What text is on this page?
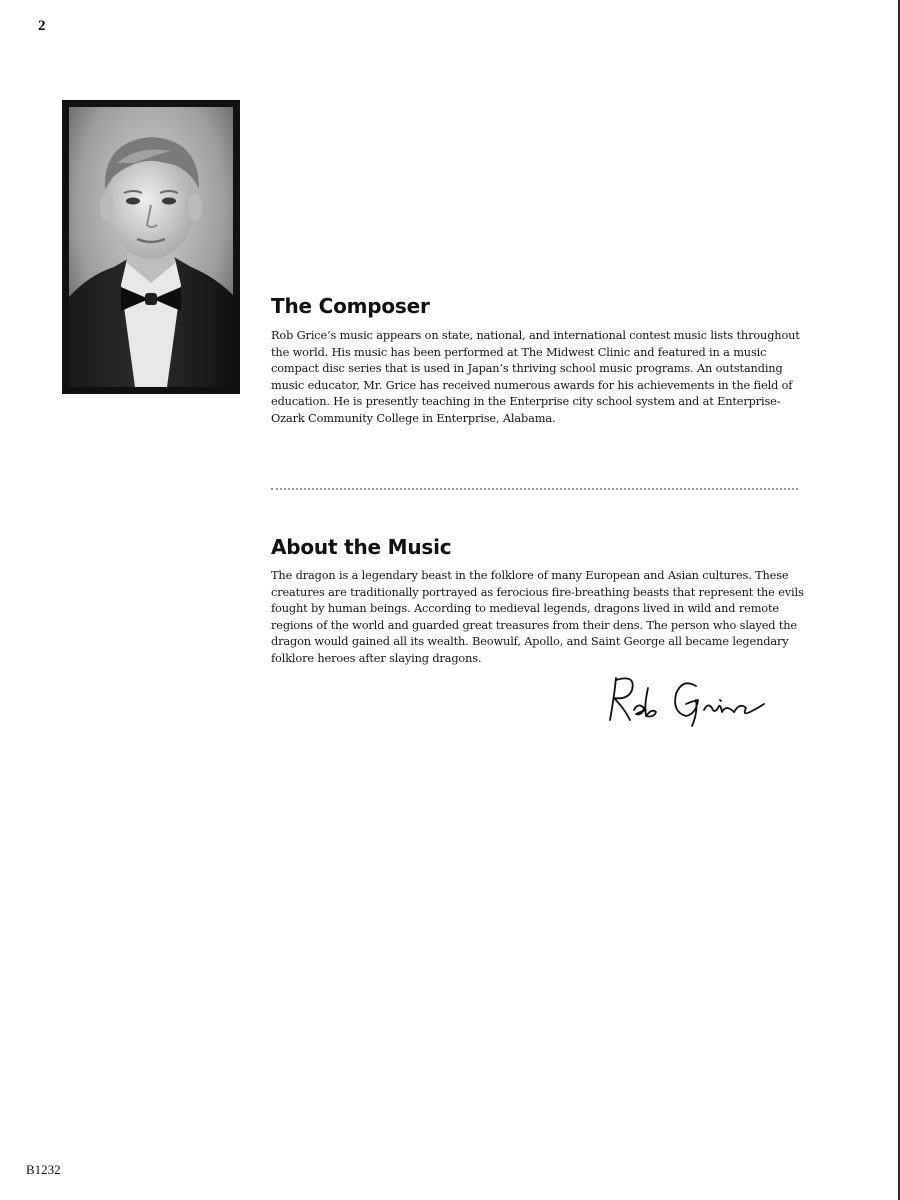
2
The Composer

Rob Grice’s music appears on state, national, and international contest music lists throughout the world. His music has been performed at The Midwest Clinic and featured in a music compact disc series that is used in Japan’s thriving school music programs. An outstanding music educator, Mr. Grice has received numerous awards for his achievements in the field of education. He is presently teaching in the Enterprise city school system and at Enterprise-Ozark Community College in Enterprise, Alabama.

About the Music

The dragon is a legendary beast in the folklore of many European and Asian cultures. These creatures are traditionally portrayed as ferocious fire-breathing beasts that represent the evils fought by human beings. According to medieval legends, dragons lived in wild and remote regions of the world and guarded great treasures from their dens. The person who slayed the dragon would gained all its wealth. Beowulf, Apollo, and Saint George all became legendary folklore heroes after slaying dragons.

B1232
